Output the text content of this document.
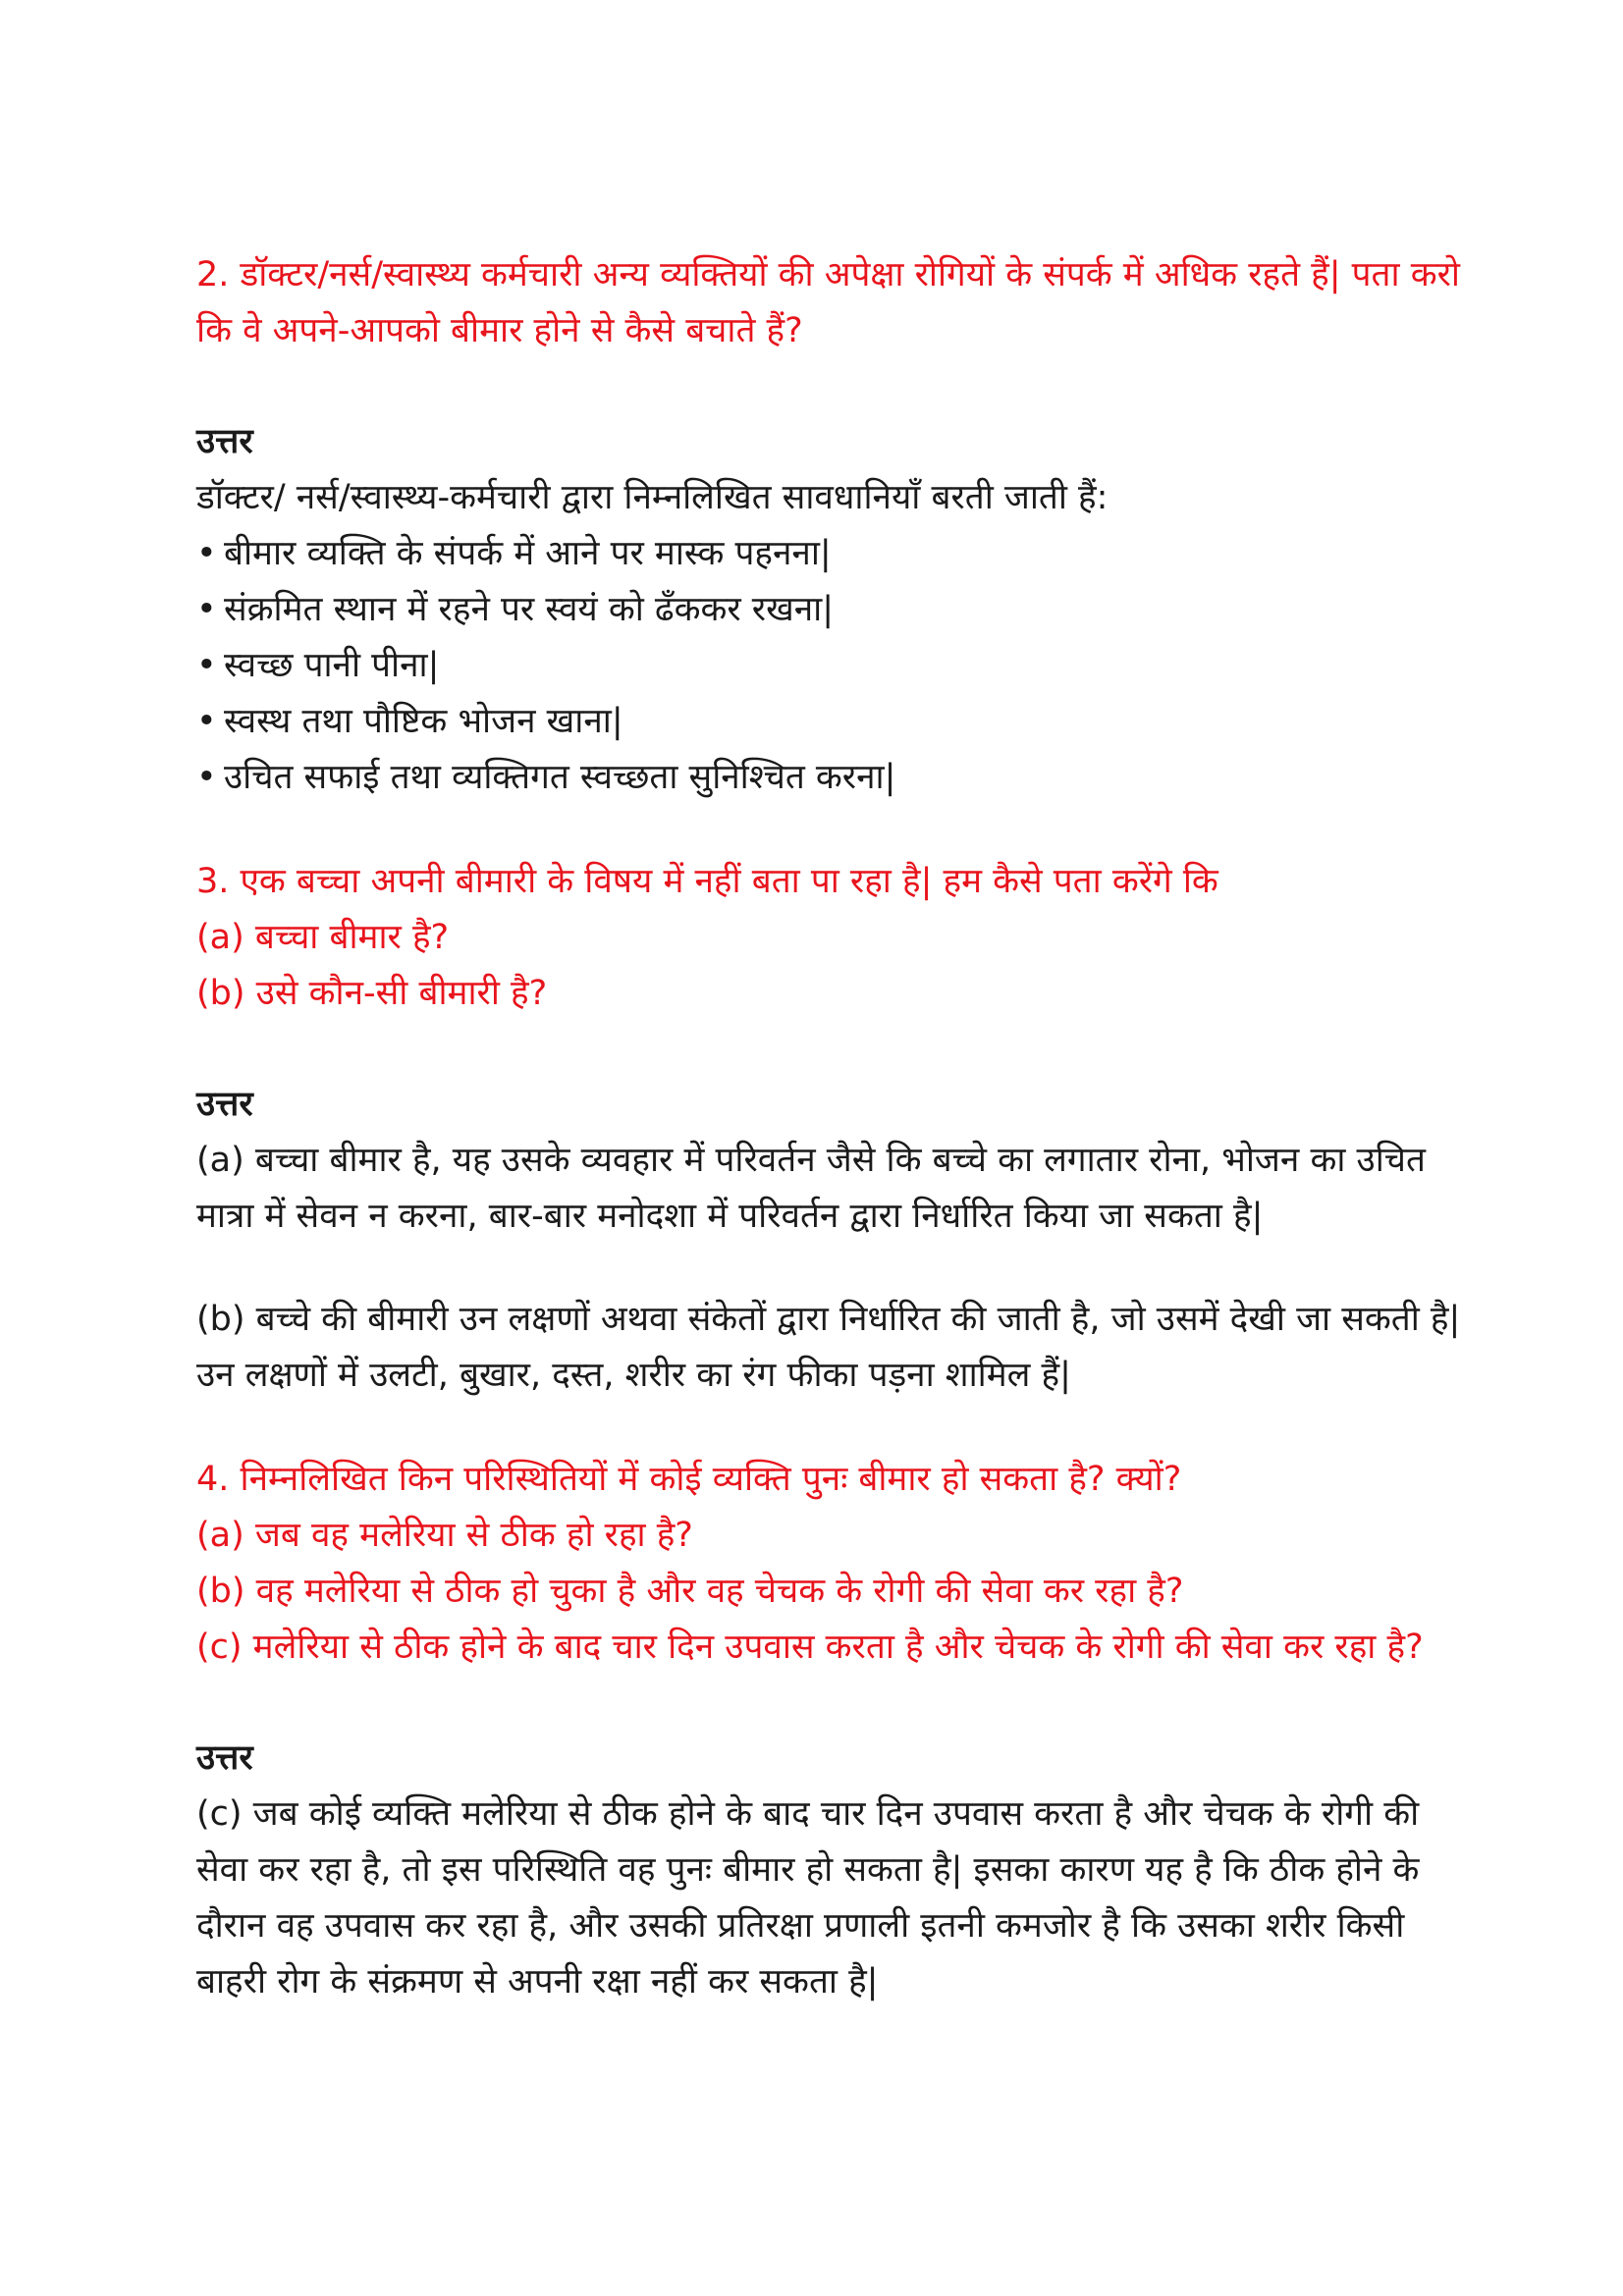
2. डॉक्टर/नर्स/स्वास्थ्य कर्मचारी अन्य व्यक्तियों की अपेक्षा रोगियों के संपर्क में अधिक रहते हैं| पता करो कि वे अपने-आपको बीमार होने से कैसे बचाते हैं?

उत्तर

डॉक्टर/ नर्स/स्वास्थ्य-कर्मचारी द्वारा निम्नलिखित सावधानियाँ बरती जाती हैं:

• बीमार व्यक्ति के संपर्क में आने पर मास्क पहनना|
• संक्रमित स्थान में रहने पर स्वयं को ढँककर रखना|
• स्वच्छ पानी पीना|
• स्वस्थ तथा पौष्टिक भोजन खाना|
• उचित सफाई तथा व्यक्तिगत स्वच्छता सुनिश्चित करना|

3. एक बच्चा अपनी बीमारी के विषय में नहीं बता पा रहा है| हम कैसे पता करेंगे कि

(a) बच्चा बीमार है?

(b) उसे कौन-सी बीमारी है?

उत्तर

(a) बच्चा बीमार है, यह उसके व्यवहार में परिवर्तन जैसे कि बच्चे का लगातार रोना, भोजन का उचित मात्रा में सेवन न करना, बार-बार मनोदशा में परिवर्तन द्वारा निर्धारित किया जा सकता है|

(b) बच्चे की बीमारी उन लक्षणों अथवा संकेतों द्वारा निर्धारित की जाती है, जो उसमें देखी जा सकती है| उन लक्षणों में उलटी, बुखार, दस्त, शरीर का रंग फीका पड़ना शामिल हैं|

4. निम्नलिखित किन परिस्थितियों में कोई व्यक्ति पुनः बीमार हो सकता है? क्यों?

(a) जब वह मलेरिया से ठीक हो रहा है?

(b) वह मलेरिया से ठीक हो चुका है और वह चेचक के रोगी की सेवा कर रहा है?

(c) मलेरिया से ठीक होने के बाद चार दिन उपवास करता है और चेचक के रोगी की सेवा कर रहा है?

उत्तर

(c) जब कोई व्यक्ति मलेरिया से ठीक होने के बाद चार दिन उपवास करता है और चेचक के रोगी की सेवा कर रहा है, तो इस परिस्थिति वह पुनः बीमार हो सकता है| इसका कारण यह है कि ठीक होने के दौरान वह उपवास कर रहा है, और उसकी प्रतिरक्षा प्रणाली इतनी कमजोर है कि उसका शरीर किसी बाहरी रोग के संक्रमण से अपनी रक्षा नहीं कर सकता है|
